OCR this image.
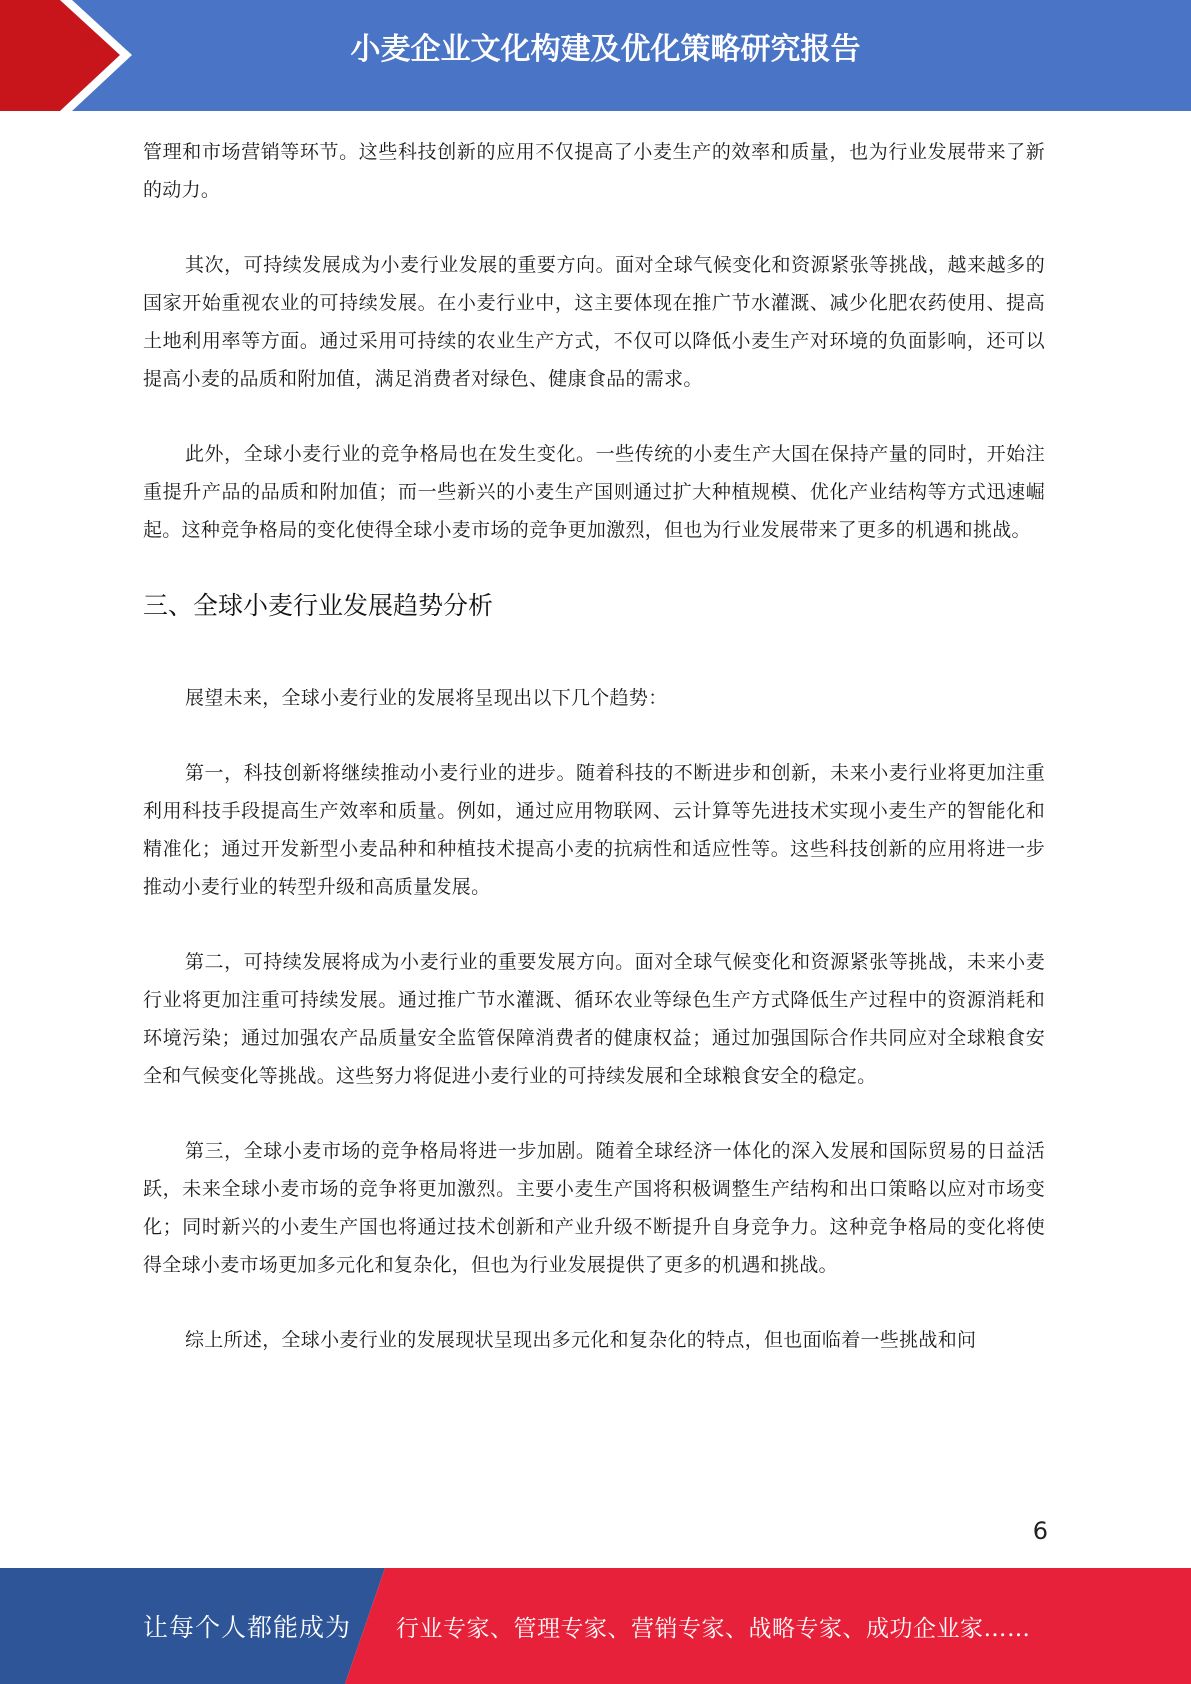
小麦企业文化构建及优化策略研究报告

管理和市场营销等环节。这些科技创新的应用不仅提高了小麦生产的效率和质量，也为行业发展带来了新的动力。

其次，可持续发展成为小麦行业发展的重要方向。面对全球气候变化和资源紧张等挑战，越来越多的国家开始重视农业的可持续发展。在小麦行业中，这主要体现在推广节水灌溉、减少化肥农药使用、提高土地利用率等方面。通过采用可持续的农业生产方式，不仅可以降低小麦生产对环境的负面影响，还可以提高小麦的品质和附加值，满足消费者对绿色、健康食品的需求。

此外，全球小麦行业的竞争格局也在发生变化。一些传统的小麦生产大国在保持产量的同时，开始注重提升产品的品质和附加值；而一些新兴的小麦生产国则通过扩大种植规模、优化产业结构等方式迅速崛起。这种竞争格局的变化使得全球小麦市场的竞争更加激烈，但也为行业发展带来了更多的机遇和挑战。

三、全球小麦行业发展趋势分析

展望未来，全球小麦行业的发展将呈现出以下几个趋势：

第一，科技创新将继续推动小麦行业的进步。随着科技的不断进步和创新，未来小麦行业将更加注重利用科技手段提高生产效率和质量。例如，通过应用物联网、云计算等先进技术实现小麦生产的智能化和精准化；通过开发新型小麦品种和种植技术提高小麦的抗病性和适应性等。这些科技创新的应用将进一步推动小麦行业的转型升级和高质量发展。

第二，可持续发展将成为小麦行业的重要发展方向。面对全球气候变化和资源紧张等挑战，未来小麦行业将更加注重可持续发展。通过推广节水灌溉、循环农业等绿色生产方式降低生产过程中的资源消耗和环境污染；通过加强农产品质量安全监管保障消费者的健康权益；通过加强国际合作共同应对全球粮食安全和气候变化等挑战。这些努力将促进小麦行业的可持续发展和全球粮食安全的稳定。

第三，全球小麦市场的竞争格局将进一步加剧。随着全球经济一体化的深入发展和国际贸易的日益活跃，未来全球小麦市场的竞争将更加激烈。主要小麦生产国将积极调整生产结构和出口策略以应对市场变化；同时新兴的小麦生产国也将通过技术创新和产业升级不断提升自身竞争力。这种竞争格局的变化将使得全球小麦市场更加多元化和复杂化，但也为行业发展提供了更多的机遇和挑战。

综上所述，全球小麦行业的发展现状呈现出多元化和复杂化的特点，但也面临着一些挑战和问

6
让每个人都能成为 行业专家、管理专家、营销专家、战略专家、成功企业家……
